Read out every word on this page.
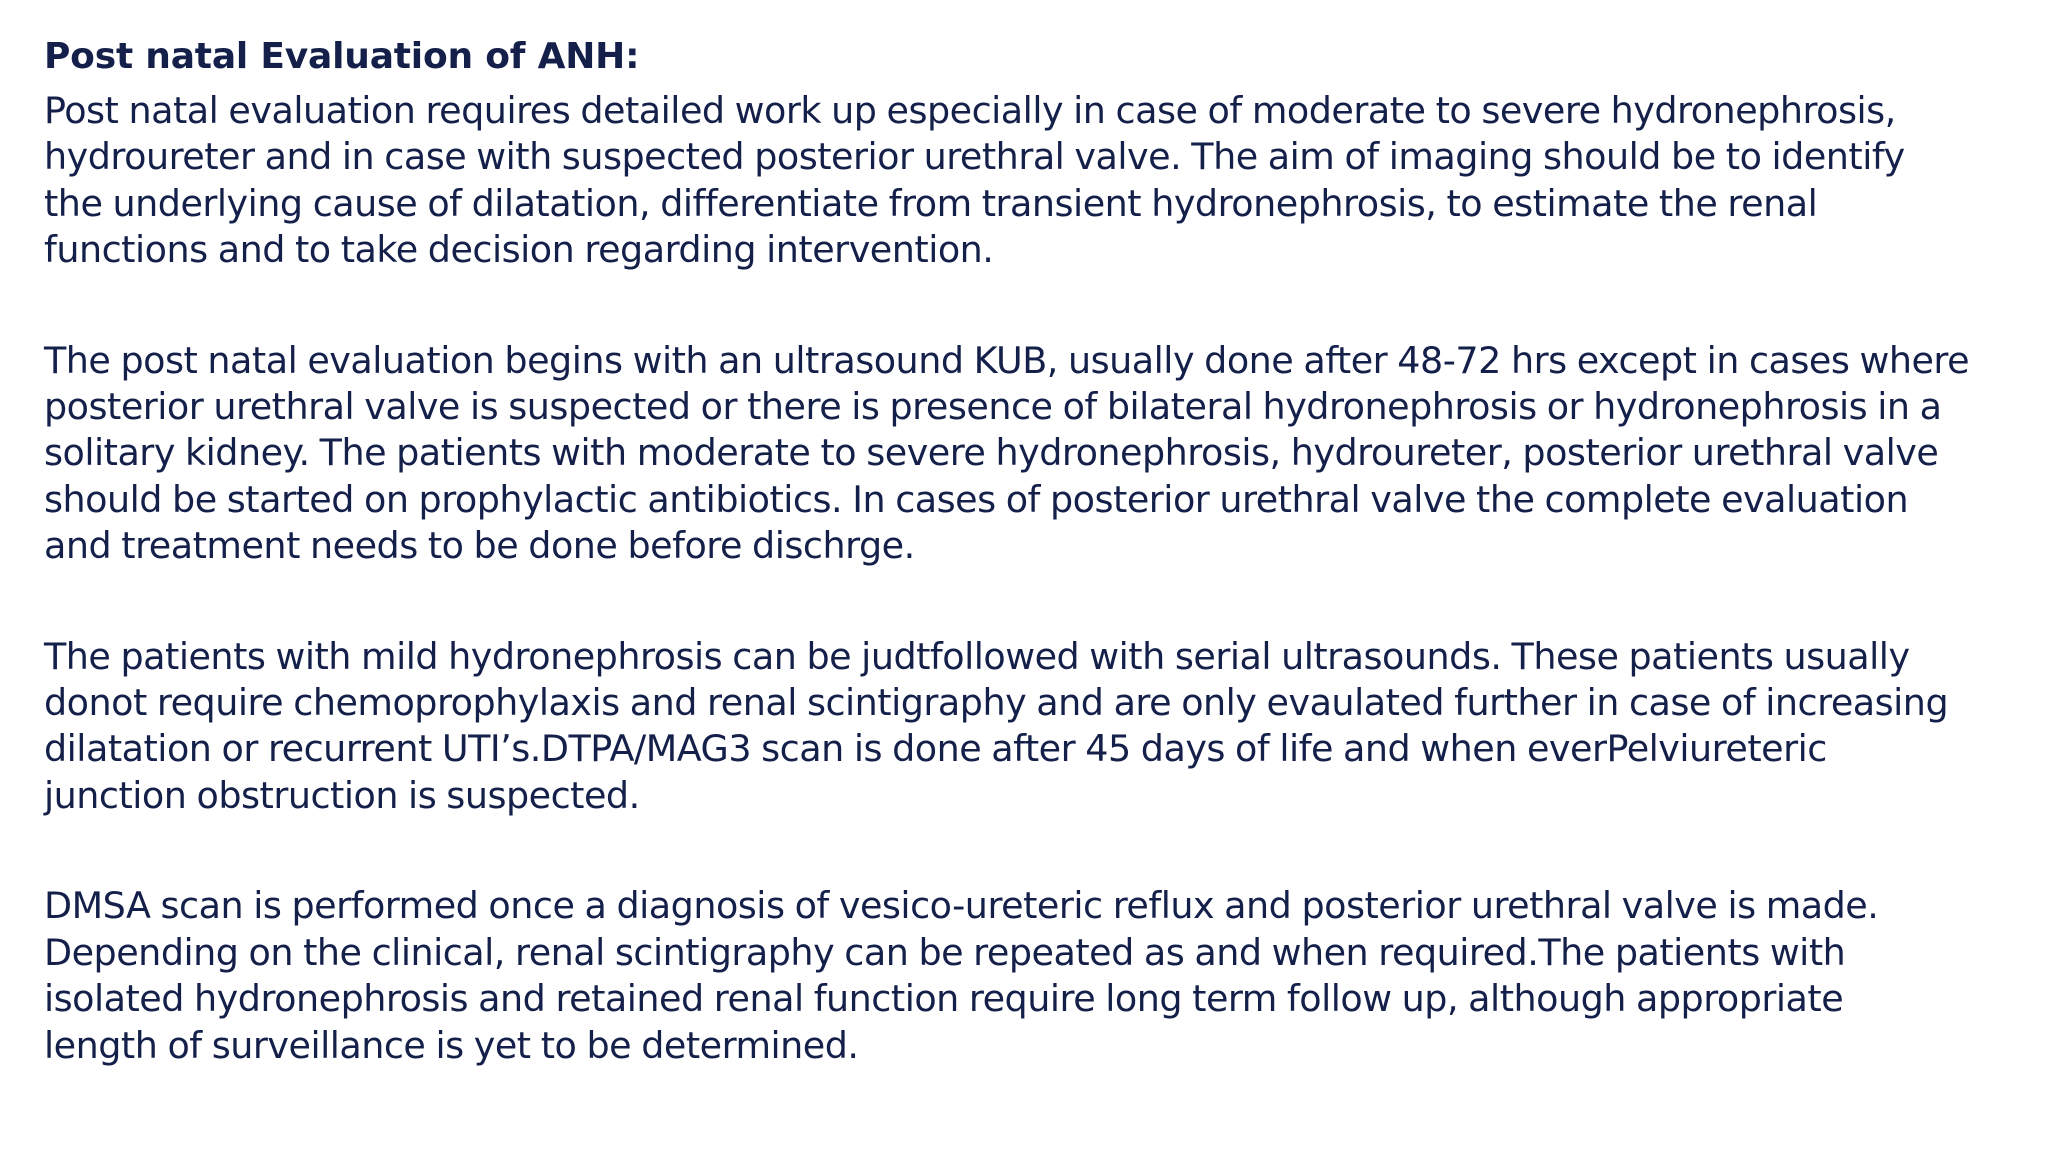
Post natal Evaluation of ANH:

Post natal evaluation requires detailed work up especially in case of moderate to severe hydronephrosis,
hydroureter and in case with suspected posterior urethral valve. The aim of imaging should be to identify
the underlying cause of dilatation, differentiate from transient hydronephrosis, to estimate the renal
functions and to take decision regarding intervention.

The post natal evaluation begins with an ultrasound KUB, usually done after 48-72 hrs except in cases where
posterior urethral valve is suspected or there is presence of bilateral hydronephrosis or hydronephrosis in a
solitary kidney. The patients with moderate to severe hydronephrosis, hydroureter, posterior urethral valve
should be started on prophylactic antibiotics. In cases of posterior urethral valve the complete evaluation
and treatment needs to be done before dischrge.

The patients with mild hydronephrosis can be judtfollowed with serial ultrasounds. These patients usually
donot require chemoprophylaxis and renal scintigraphy and are only evaulated further in case of increasing
dilatation or recurrent UTI’s.DTPA/MAG3 scan is done after 45 days of life and when everPelviureteric
junction obstruction is suspected.

DMSA scan is performed once a diagnosis of vesico-ureteric reflux and posterior urethral valve is made.
Depending on the clinical, renal scintigraphy can be repeated as and when required.The patients with
isolated hydronephrosis and retained renal function require long term follow up, although appropriate
length of surveillance is yet to be determined.
